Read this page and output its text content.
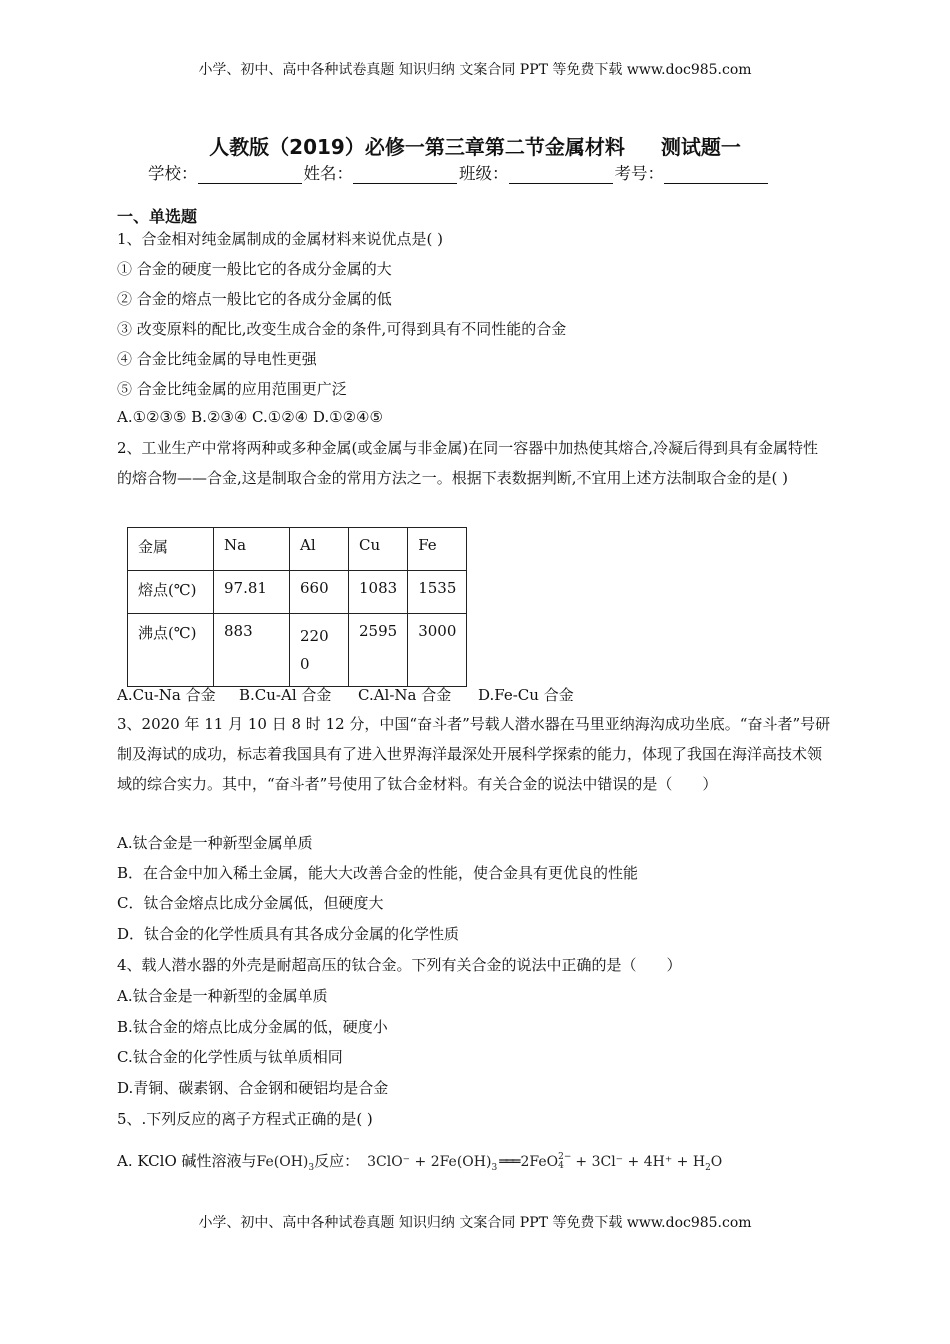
小学、初中、高中各种试卷真题 知识归纳 文案合同 PPT 等免费下载 www.doc985.com
人教版（2019）必修一第三章第二节金属材料 测试题一
学校：	姓名：	班级：	考号：
一、单选题
1、合金相对纯金属制成的金属材料来说优点是( )
① 合金的硬度一般比它的各成分金属的大
② 合金的熔点一般比它的各成分金属的低
③ 改变原料的配比,改变生成合金的条件,可得到具有不同性能的合金
④ 合金比纯金属的导电性更强
⑤ 合金比纯金属的应用范围更广泛
A.①②③⑤ B.②③④ C.①②④ D.①②④⑤
2、工业生产中常将两种或多种金属(或金属与非金属)在同一容器中加热使其熔合,冷凝后得到具有金属特性的熔合物——合金,这是制取合金的常用方法之一。根据下表数据判断,不宜用上述方法制取合金的是( )
金属	Na	Al	Cu	Fe
熔点(℃)	97.81	660	1083	1535
沸点(℃)	883	2200	2595	3000
A.Cu-Na 合金 B.Cu-Al 合金 C.Al-Na 合金 D.Fe-Cu 合金
3、2020 年 11 月 10 日 8 时 12 分，中国“奋斗者”号载人潜水器在马里亚纳海沟成功坐底。“奋斗者”号研制及海试的成功，标志着我国具有了进入世界海洋最深处开展科学探索的能力，体现了我国在海洋高技术领域的综合实力。其中，“奋斗者”号使用了钛合金材料。有关合金的说法中错误的是（　　）
A.钛合金是一种新型金属单质
B．在合金中加入稀土金属，能大大改善合金的性能，使合金具有更优良的性能
C．钛合金熔点比成分金属低，但硬度大
D．钛合金的化学性质具有其各成分金属的化学性质
4、载人潜水器的外壳是耐超高压的钛合金。下列有关合金的说法中正确的是（　　）
A.钛合金是一种新型的金属单质
B.钛合金的熔点比成分金属的低，硬度小
C.钛合金的化学性质与钛单质相同
D.青铜、碳素钢、合金钢和硬铝均是合金
5、.下列反应的离子方程式正确的是( )
A. KClO 碱性溶液与$Fe(OH)_3$反应： $3ClO^- + 2Fe(OH)_3$ ═══ 2FeO 2−
$4 + 3Cl^- + 4H^+ + H_2O$
小学、初中、高中各种试卷真题 知识归纳 文案合同 PPT 等免费下载 www.doc985.com
